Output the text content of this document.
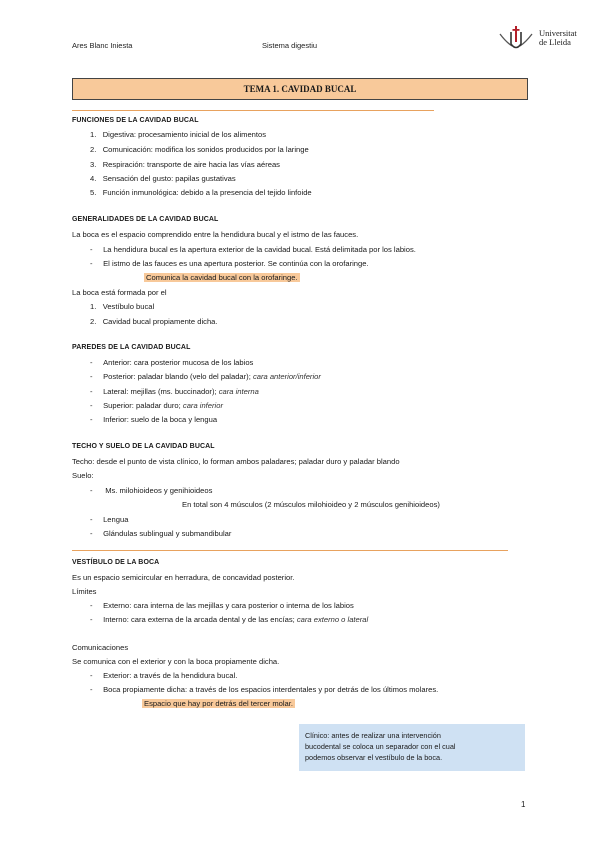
Ares Blanc Iniesta	Sistema digestiu
Universitat
de Lleida
TEMA 1. CAVIDAD BUCAL
FUNCIONES DE LA CAVIDAD BUCAL
1. Digestiva: procesamiento inicial de los alimentos
2. Comunicación: modifica los sonidos producidos por la laringe
3. Respiración: transporte de aire hacia las vías aéreas
4. Sensación del gusto: papilas gustativas
5. Función inmunológica: debido a la presencia del tejido linfoide
GENERALIDADES DE LA CAVIDAD BUCAL
La boca es el espacio comprendido entre la hendidura bucal y el istmo de las fauces.
-     La hendidura bucal es la apertura exterior de la cavidad bucal. Está delimitada por los labios.
-     El istmo de las fauces es una apertura posterior. Se continúa con la orofaringe.
Comunica la cavidad bucal con la orofaringe.
La boca está formada por el
1. Vestíbulo bucal
2. Cavidad bucal propiamente dicha.
PAREDES DE LA CAVIDAD BUCAL
-     Anterior: cara posterior mucosa de los labios
-     Posterior: paladar blando (velo del paladar); cara anterior/inferior
-     Lateral: mejillas (ms. buccinador); cara interna
-     Superior: paladar duro; cara inferior
-     Inferior: suelo de la boca y lengua
TECHO Y SUELO DE LA CAVIDAD BUCAL
Techo: desde el punto de vista clínico, lo forman ambos paladares; paladar duro y paladar blando
Suelo:
-      Ms. milohioideos y genihioideos
En total son 4 músculos (2 músculos milohioideo y 2 músculos genihioideos)
-     Lengua
-     Glándulas sublingual y submandibular
VESTÍBULO DE LA BOCA
Es un espacio semicircular en herradura, de concavidad posterior.
Límites
-     Externo: cara interna de las mejillas y cara posterior o interna de los labios
-     Interno: cara externa de la arcada dental y de las encías; cara externo o lateral
Comunicaciones
Se comunica con el exterior y con la boca propiamente dicha.
-     Exterior: a través de la hendidura bucal.
-     Boca propiamente dicha: a través de los espacios interdentales y por detrás de los últimos molares.
Espacio que hay por detrás del tercer molar.
Clínico: antes de realizar una intervención
bucodental se coloca un separador con el cual
podemos observar el vestíbulo de la boca.
1
